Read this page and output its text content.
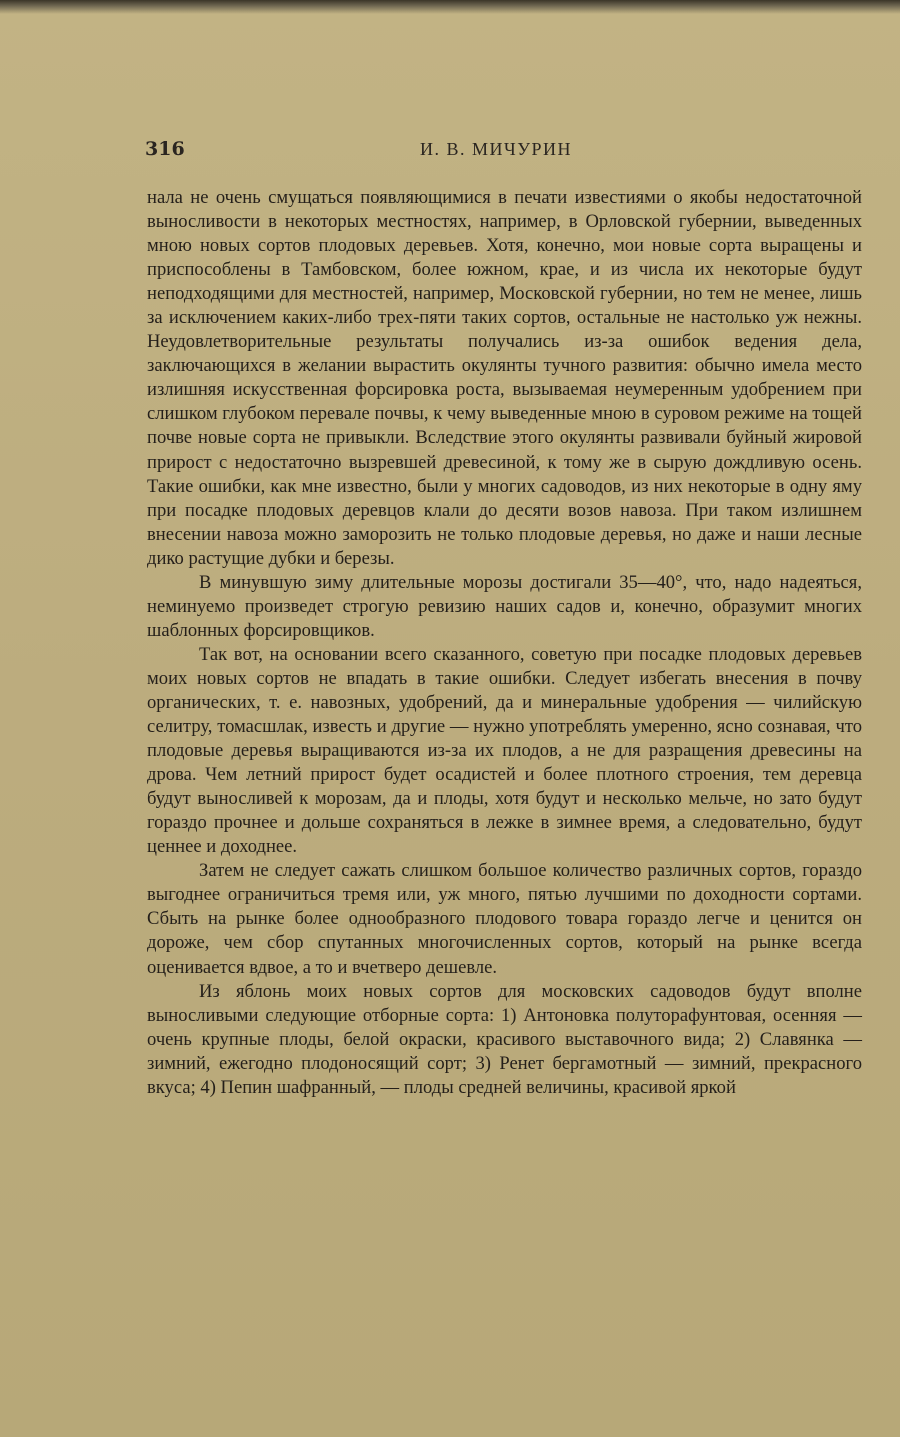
316	И. В. МИЧУРИН

нала не очень смущаться появляющимися в печати известиями о якобы недостаточной выносливости в некоторых местностях, например, в Орловской губернии, выведенных мною новых сортов плодовых деревьев. Хотя, конечно, мои новые сорта выращены и приспособлены в Тамбовском, более южном, крае, и из числа их некоторые будут неподходящими для местностей, например, Московской губернии, но тем не менее, лишь за исключением каких-либо трех-пяти таких сортов, остальные не настолько уж нежны. Неудовлетворительные результаты получались из-за ошибок ведения дела, заключающихся в желании вырастить окулянты тучного развития: обычно имела место излишняя искусственная форсировка роста, вызываемая неумеренным удобрением при слишком глубоком перевале почвы, к чему выведенные мною в суровом режиме на тощей почве новые сорта не привыкли. Вследствие этого окулянты развивали буйный жировой прирост с недостаточно вызревшей древесиной, к тому же в сырую дождливую осень. Такие ошибки, как мне известно, были у многих садоводов, из них некоторые в одну яму при посадке плодовых деревцов клали до десяти возов навоза. При таком излишнем внесении навоза можно заморозить не только плодовые деревья, но даже и наши лесные дико растущие дубки и березы.

В минувшую зиму длительные морозы достигали 35—40°, что, надо надеяться, неминуемо произведет строгую ревизию наших садов и, конечно, образумит многих шаблонных форсировщиков.

Так вот, на основании всего сказанного, советую при посадке плодовых деревьев моих новых сортов не впадать в такие ошибки. Следует избегать внесения в почву органических, т. е. навозных, удобрений, да и минеральные удобрения — чилийскую селитру, томасшлак, известь и другие — нужно употреблять умеренно, ясно сознавая, что плодовые деревья выращиваются из-за их плодов, а не для разращения древесины на дрова. Чем летний прирост будет осадистей и более плотного строения, тем деревца будут выносливей к морозам, да и плоды, хотя будут и несколько мельче, но зато будут гораздо прочнее и дольше сохраняться в лежке в зимнее время, а следовательно, будут ценнее и доходнее.

Затем не следует сажать слишком большое количество различных сортов, гораздо выгоднее ограничиться тремя или, уж много, пятью лучшими по доходности сортами. Сбыть на рынке более однообразного плодового товара гораздо легче и ценится он дороже, чем сбор спутанных многочисленных сортов, который на рынке всегда оценивается вдвое, а то и вчетверо дешевле.

Из яблонь моих новых сортов для московских садоводов будут вполне выносливыми следующие отборные сорта: 1) Антоновка полуторафунтовая, осенняя — очень крупные плоды, белой окраски, красивого выставочного вида; 2) Славянка — зимний, ежегодно плодоносящий сорт; 3) Ренет бергамотный — зимний, прекрасного вкуса; 4) Пепин шафранный, — плоды средней величины, красивой яркой
